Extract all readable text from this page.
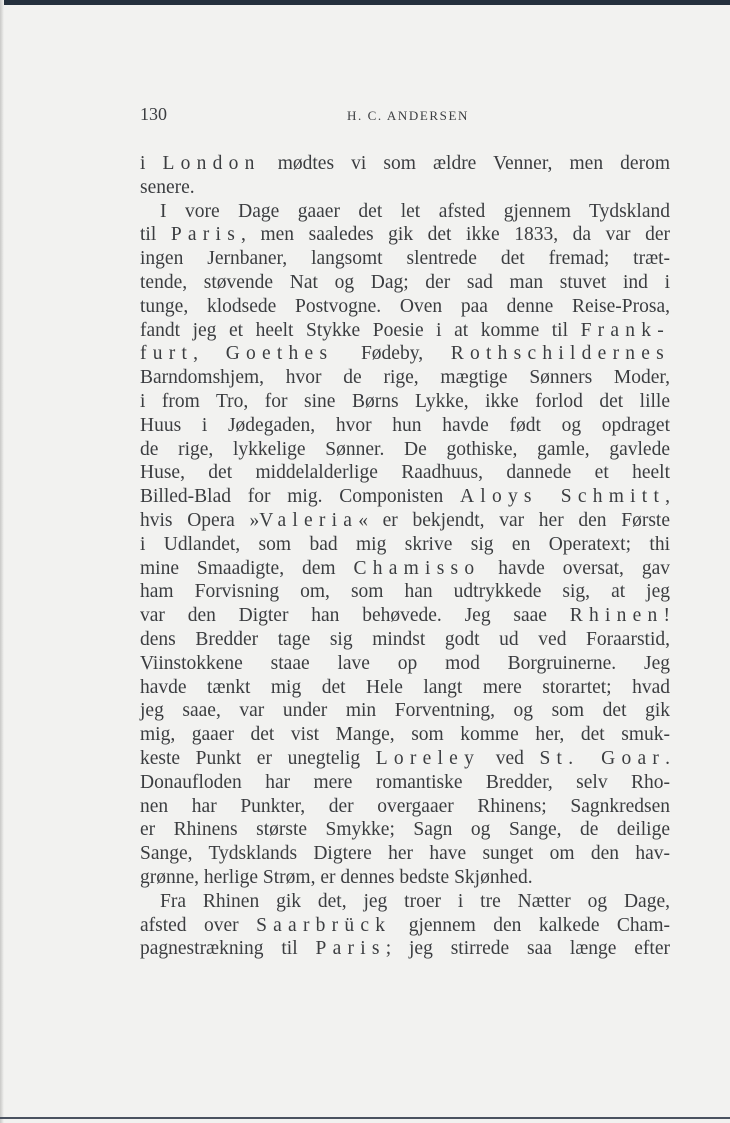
130	H. C. ANDERSEN
i London mødtes vi som ældre Venner, men derom
senere.
I vore Dage gaaer det let afsted gjennem Tydskland
til Paris, men saaledes gik det ikke 1833, da var der
ingen Jernbaner, langsomt slentrede det fremad; træt-
tende, støvende Nat og Dag; der sad man stuvet ind i
tunge, klodsede Postvogne. Oven paa denne Reise-Prosa,
fandt jeg et heelt Stykke Poesie i at komme til Frank-
furt, Goethes Fødeby, Rothschildernes
Barndomshjem, hvor de rige, mægtige Sønners Moder,
i from Tro, for sine Børns Lykke, ikke forlod det lille
Huus i Jødegaden, hvor hun havde født og opdraget
de rige, lykkelige Sønner. De gothiske, gamle, gavlede
Huse, det middelalderlige Raadhuus, dannede et heelt
Billed-Blad for mig. Componisten Aloys Schmitt,
hvis Opera »Valeria« er bekjendt, var her den Første
i Udlandet, som bad mig skrive sig en Operatext; thi
mine Smaadigte, dem Chamisso havde oversat, gav
ham Forvisning om, som han udtrykkede sig, at jeg
var den Digter han behøvede. Jeg saae Rhinen!
dens Bredder tage sig mindst godt ud ved Foraarstid,
Viinstokkene staae lave op mod Borgruinerne. Jeg
havde tænkt mig det Hele langt mere storartet; hvad
jeg saae, var under min Forventning, og som det gik
mig, gaaer det vist Mange, som komme her, det smuk-
keste Punkt er unegtelig Loreley ved St. Goar.
Donaufloden har mere romantiske Bredder, selv Rho-
nen har Punkter, der overgaaer Rhinens; Sagnkredsen
er Rhinens største Smykke; Sagn og Sange, de deilige
Sange, Tydsklands Digtere her have sunget om den hav-
grønne, herlige Strøm, er dennes bedste Skjønhed.
Fra Rhinen gik det, jeg troer i tre Nætter og Dage,
afsted over Saarbrück gjennem den kalkede Cham-
pagnestrækning til Paris; jeg stirrede saa længe efter
